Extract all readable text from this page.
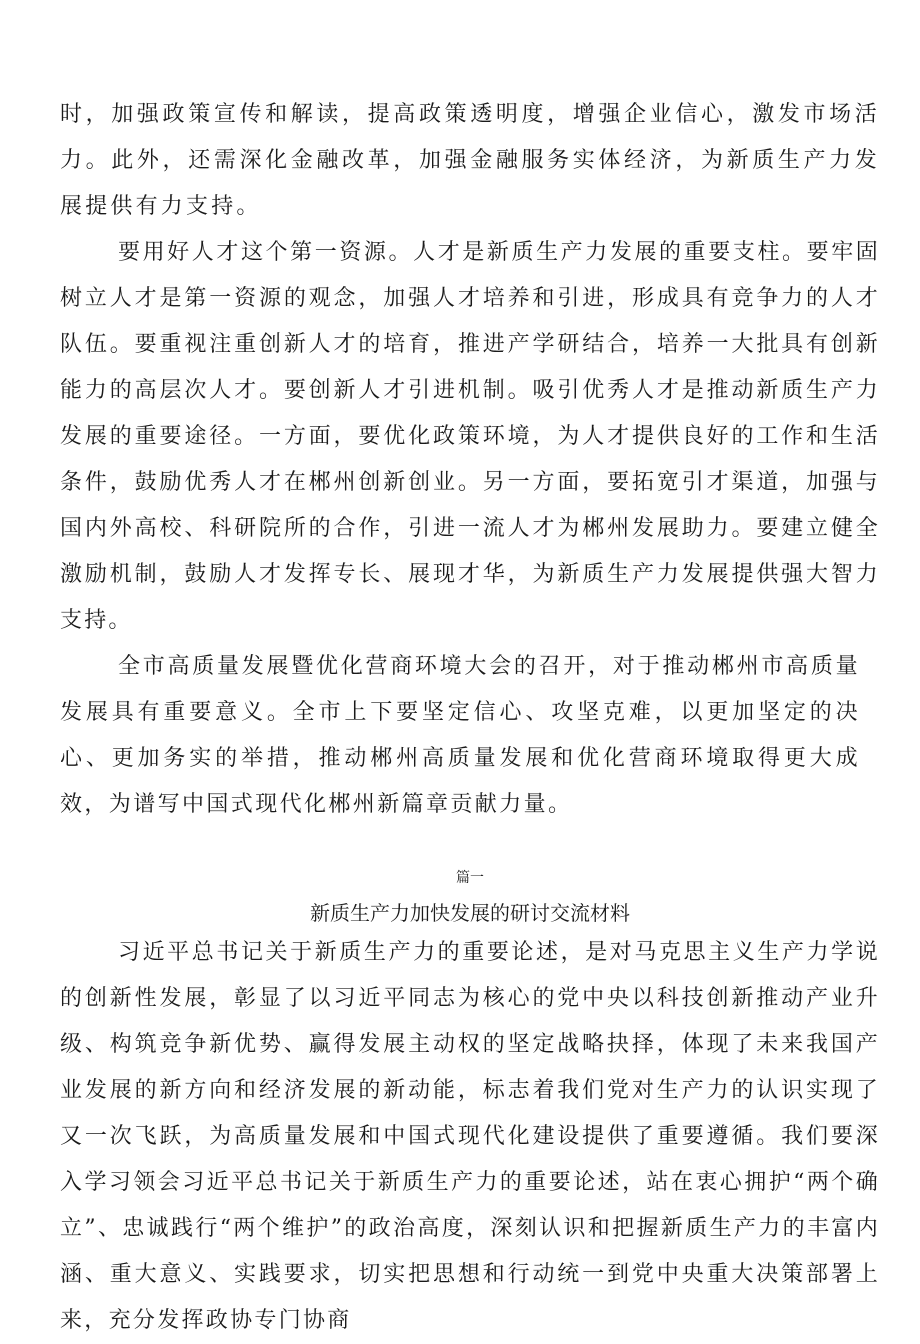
时，加强政策宣传和解读，提高政策透明度，增强企业信心，激发市场活力。此外，还需深化金融改革，加强金融服务实体经济，为新质生产力发展提供有力支持。

要用好人才这个第一资源。人才是新质生产力发展的重要支柱。要牢固树立人才是第一资源的观念，加强人才培养和引进，形成具有竞争力的人才队伍。要重视注重创新人才的培育，推进产学研结合，培养一大批具有创新能力的高层次人才。要创新人才引进机制。吸引优秀人才是推动新质生产力发展的重要途径。一方面，要优化政策环境，为人才提供良好的工作和生活条件，鼓励优秀人才在郴州创新创业。另一方面，要拓宽引才渠道，加强与国内外高校、科研院所的合作，引进一流人才为郴州发展助力。要建立健全激励机制，鼓励人才发挥专长、展现才华，为新质生产力发展提供强大智力支持。

全市高质量发展暨优化营商环境大会的召开，对于推动郴州市高质量发展具有重要意义。全市上下要坚定信心、攻坚克难，以更加坚定的决心、更加务实的举措，推动郴州高质量发展和优化营商环境取得更大成效，为谱写中国式现代化郴州新篇章贡献力量。

篇一
新质生产力加快发展的研讨交流材料

习近平总书记关于新质生产力的重要论述，是对马克思主义生产力学说的创新性发展，彰显了以习近平同志为核心的党中央以科技创新推动产业升级、构筑竞争新优势、赢得发展主动权的坚定战略抉择，体现了未来我国产业发展的新方向和经济发展的新动能，标志着我们党对生产力的认识实现了又一次飞跃，为高质量发展和中国式现代化建设提供了重要遵循。我们要深入学习领会习近平总书记关于新质生产力的重要论述，站在衷心拥护“两个确立”、忠诚践行“两个维护”的政治高度，深刻认识和把握新质生产力的丰富内涵、重大意义、实践要求，切实把思想和行动统一到党中央重大决策部署上来，充分发挥政协专门协商
